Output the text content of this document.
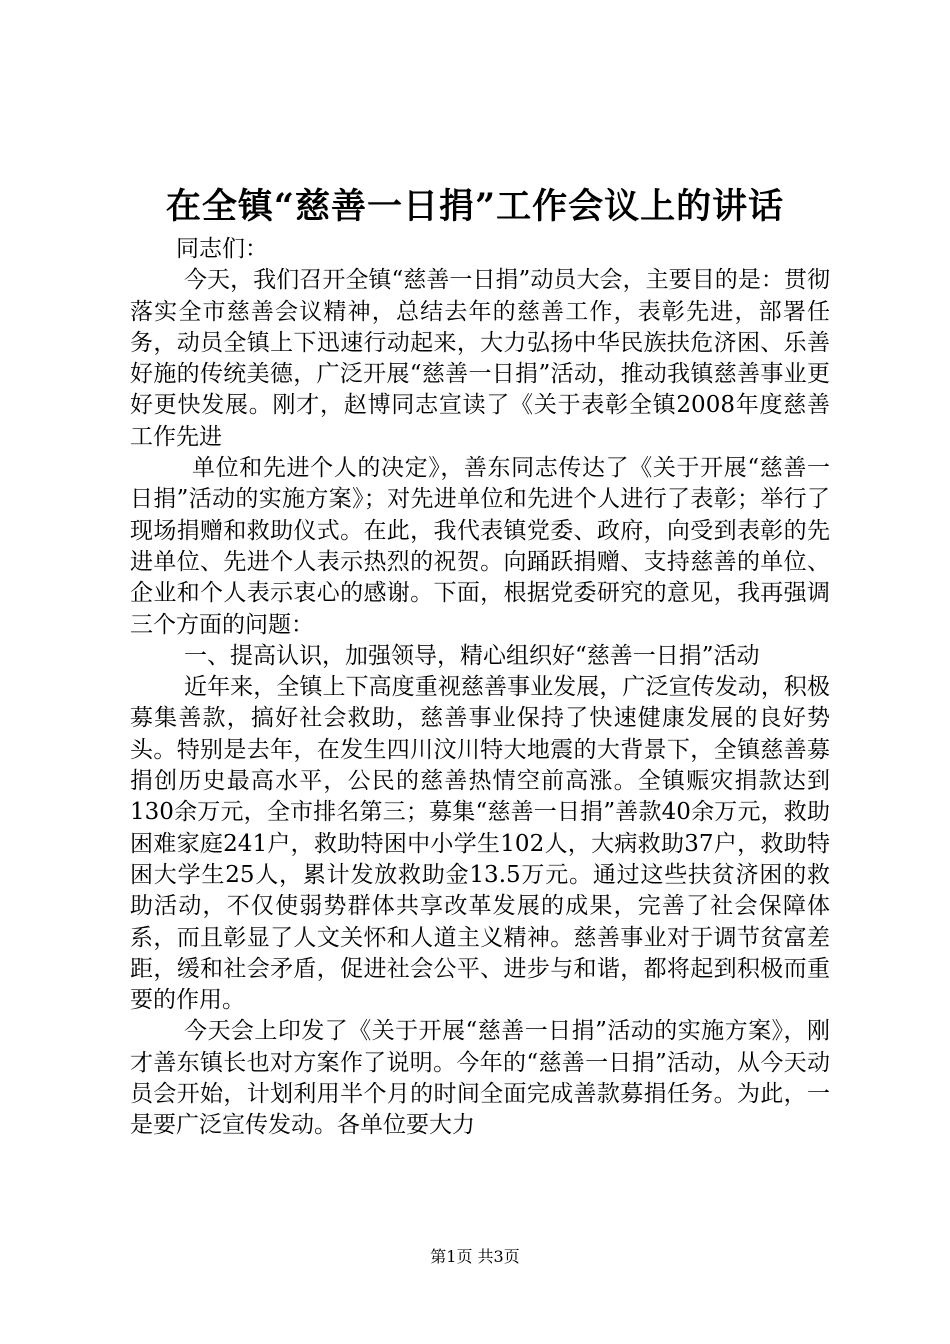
在全镇“慈善一日捐”工作会议上的讲话

同志们：

今天，我们召开全镇“慈善一日捐”动员大会，主要目的是：贯彻落实全市慈善会议精神，总结去年的慈善工作，表彰先进，部署任务，动员全镇上下迅速行动起来，大力弘扬中华民族扶危济困、乐善好施的传统美德，广泛开展“慈善一日捐”活动，推动我镇慈善事业更好更快发展。刚才，赵博同志宣读了《关于表彰全镇2008年度慈善工作先进

单位和先进个人的决定》，善东同志传达了《关于开展“慈善一日捐”活动的实施方案》；对先进单位和先进个人进行了表彰；举行了现场捐赠和救助仪式。在此，我代表镇党委、政府，向受到表彰的先进单位、先进个人表示热烈的祝贺。向踊跃捐赠、支持慈善的单位、企业和个人表示衷心的感谢。下面，根据党委研究的意见，我再强调三个方面的问题：

一、提高认识，加强领导，精心组织好“慈善一日捐”活动

近年来，全镇上下高度重视慈善事业发展，广泛宣传发动，积极募集善款，搞好社会救助，慈善事业保持了快速健康发展的良好势头。特别是去年，在发生四川汶川特大地震的大背景下，全镇慈善募捐创历史最高水平，公民的慈善热情空前高涨。全镇赈灾捐款达到130余万元，全市排名第三；募集“慈善一日捐”善款40余万元，救助困难家庭241户，救助特困中小学生102人，大病救助37户，救助特困大学生25人，累计发放救助金13.5万元。通过这些扶贫济困的救助活动，不仅使弱势群体共享改革发展的成果，完善了社会保障体系，而且彰显了人文关怀和人道主义精神。慈善事业对于调节贫富差距，缓和社会矛盾，促进社会公平、进步与和谐，都将起到积极而重要的作用。

今天会上印发了《关于开展“慈善一日捐”活动的实施方案》，刚才善东镇长也对方案作了说明。今年的“慈善一日捐”活动，从今天动员会开始，计划利用半个月的时间全面完成善款募捐任务。为此，一是要广泛宣传发动。各单位要大力

第1页 共3页
